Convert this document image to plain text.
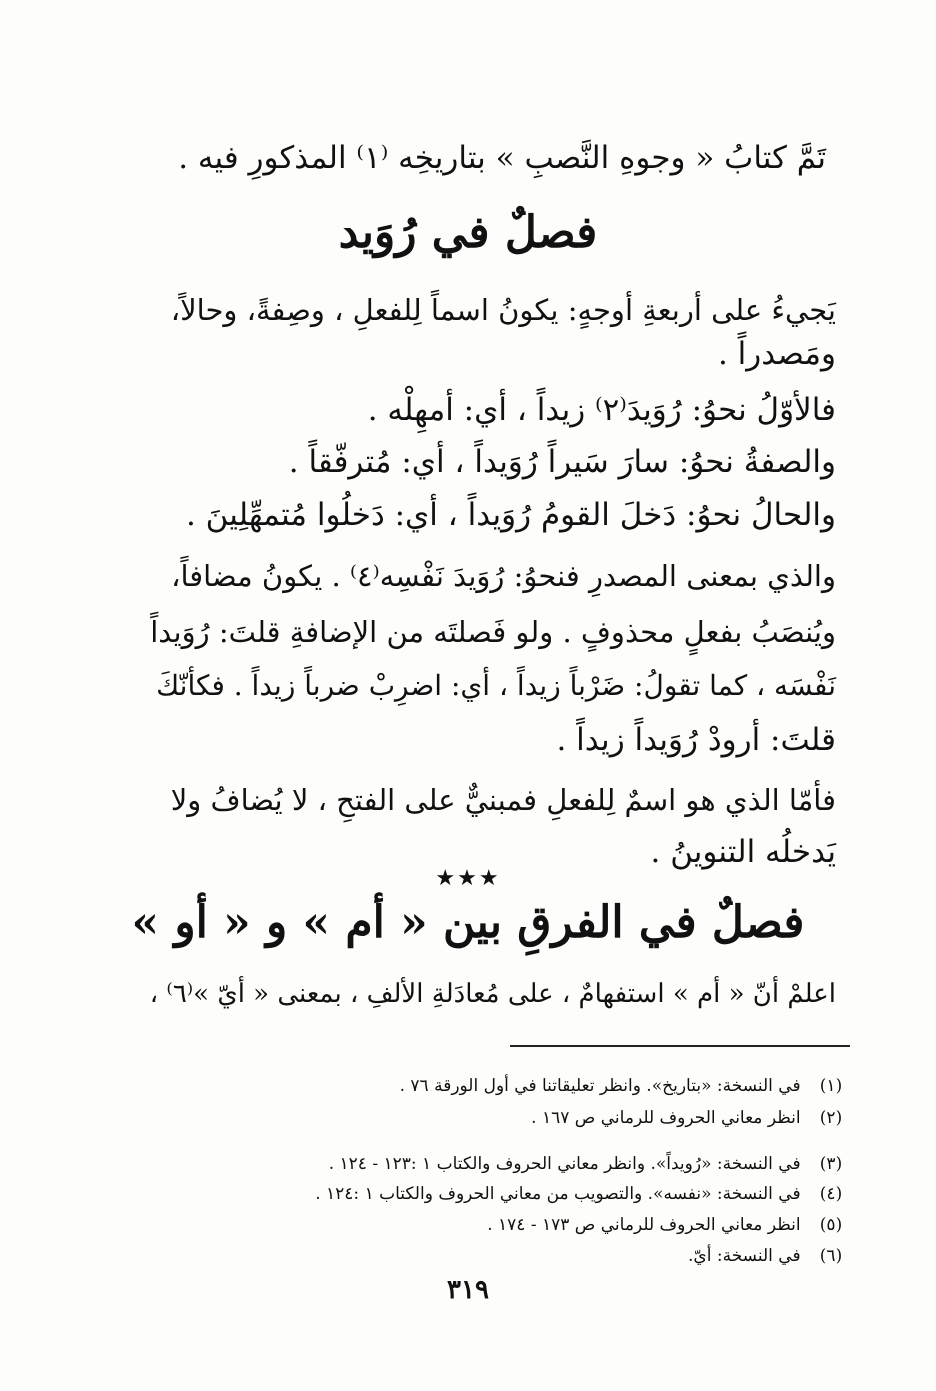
تَمَّ كتابُ « وجوهِ النَّصبِ » بتاريخِه ⁽١⁾ المذكورِ فيه .
فصلٌ في رُوَيد
يَجيءُ على أربعةِ أوجهٍ: يكونُ اسماً لِلفعلِ ، وصِفةً، وحالاً،
ومَصدراً .
فالأوّلُ نحوُ: رُوَيدَ⁽٢⁾ زيداً ، أي: أمهِلْه .
والصفةُ نحوُ: سارَ سَيراً رُوَيداً ، أي: مُترفّقاً .
والحالُ نحوُ: دَخلَ القومُ رُوَيداً ، أي: دَخلُوا مُتمهِّلِينَ .
والذي بمعنى المصدرِ فنحوُ: رُوَيدَ نَفْسِه⁽٤⁾ . يكونُ مضافاً،
ويُنصَبُ بفعلٍ محذوفٍ . ولو فَصلتَه من الإضافةِ قلتَ: رُوَيداً
نَفْسَه ، كما تقولُ: ضَرْباً زيداً ، أي: اضرِبْ ضرباً زيداً . فكأنّكَ
قلتَ: أرودْ رُوَيداً زيداً .
فأمّا الذي هو اسمٌ لِلفعلِ فمبنيٌّ على الفتحِ ، لا يُضافُ ولا
يَدخلُه التنوينُ .
★★★
فصلٌ في الفرقِ بين « أم » و « أو »
اعلمْ أنّ « أم » استفهامٌ ، على مُعادَلةِ الألفِ ، بمعنى « أيّ »⁽٦⁾ ،
(١) في النسخة: «بتاريخ». وانظر تعليقاتنا في أول الورقة ٧٦ .
(٢) انظر معاني الحروف للرماني ص ١٦٧ .
(٣) في النسخة: «رُويداً». وانظر معاني الحروف والكتاب ١ :١٢٣ - ١٢٤ .
(٤) في النسخة: «نفسه». والتصويب من معاني الحروف والكتاب ١ :١٢٤ .
(٥) انظر معاني الحروف للرماني ص ١٧٣ - ١٧٤ .
(٦) في النسخة: أيّ.
٣١٩
